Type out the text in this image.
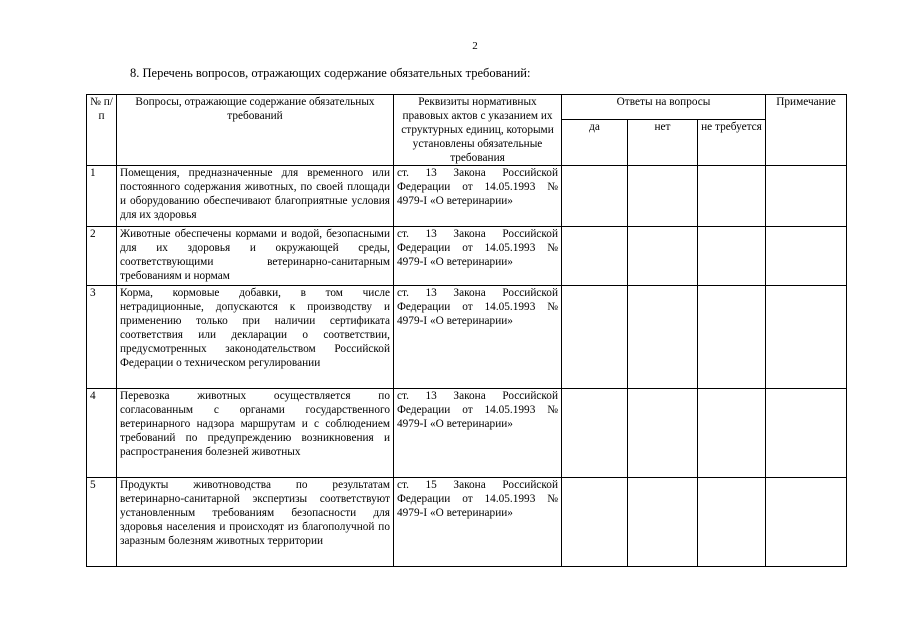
2
8. Перечень вопросов, отражающих содержание обязательных требований:
№ п/п	Вопросы, отражающие содержание обязательных требований	Реквизиты нормативных правовых актов с указанием их структурных единиц, которыми установлены обязательные требования	Ответы на вопросы			Примечание
			да	нет	не требуется	
1	Помещения, предназначенные для временного или постоянного содержания животных, по своей площади и оборудованию обеспечивают благоприятные условия для их здоровья	ст. 13 Закона Российской Федерации от 14.05.1993 № 4979-I «О ветеринарии»				
2	Животные обеспечены кормами и водой, безопасными для их здоровья и окружающей среды, соответствующими ветеринарно-санитарным требованиям и нормам	ст. 13 Закона Российской Федерации от 14.05.1993 № 4979-I «О ветеринарии»				
3	Корма, кормовые добавки, в том числе нетрадиционные, допускаются к производству и применению только при наличии сертификата соответствия или декларации о соответствии, предусмотренных законодательством Российской Федерации о техническом регулировании	ст. 13 Закона Российской Федерации от 14.05.1993 № 4979-I «О ветеринарии»				
4	Перевозка животных осуществляется по согласованным с органами государственного ветеринарного надзора маршрутам и с соблюдением требований по предупреждению возникновения и распространения болезней животных	ст. 13 Закона Российской Федерации от 14.05.1993 № 4979-I «О ветеринарии»				
5	Продукты животноводства по результатам ветеринарно-санитарной экспертизы соответствуют установленным требованиям безопасности для здоровья населения и происходят из благополучной по заразным болезням животных территории	ст. 15 Закона Российской Федерации от 14.05.1993 № 4979-I «О ветеринарии»				
